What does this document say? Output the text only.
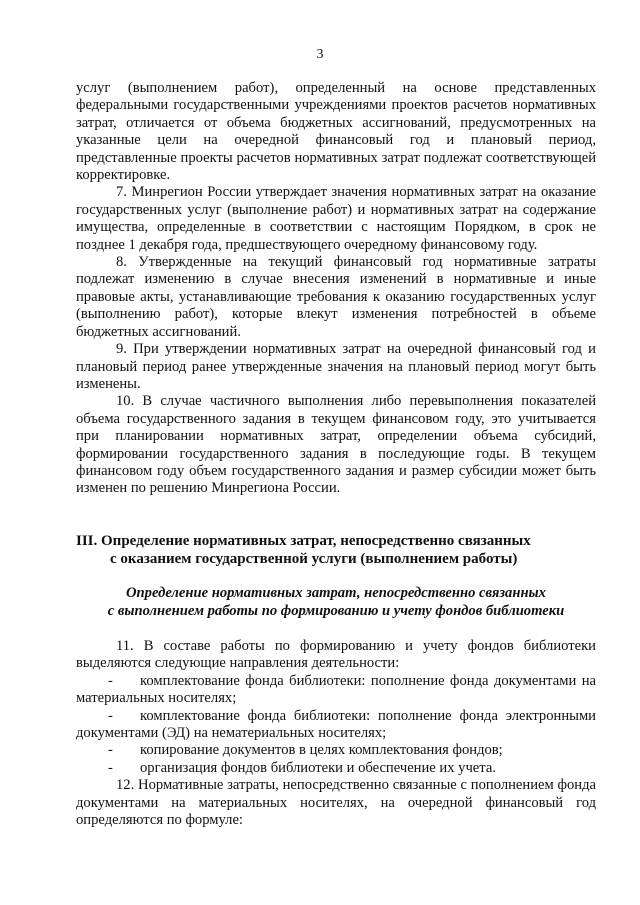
3

услуг (выполнением работ), определенный на основе представленных федеральными государственными учреждениями проектов расчетов нормативных затрат, отличается от объема бюджетных ассигнований, предусмотренных на указанные цели на очередной финансовый год и плановый период, представленные проекты расчетов нормативных затрат подлежат соответствующей корректировке.

7. Минрегион России утверждает значения нормативных затрат на оказание государственных услуг (выполнение работ) и нормативных затрат на содержание имущества, определенные в соответствии с настоящим Порядком, в срок не позднее 1 декабря года, предшествующего очередному финансовому году.

8. Утвержденные на текущий финансовый год нормативные затраты подлежат изменению в случае внесения изменений в нормативные и иные правовые акты, устанавливающие требования к оказанию государственных услуг (выполнению работ), которые влекут изменения потребностей в объеме бюджетных ассигнований.

9. При утверждении нормативных затрат на очередной финансовый год и плановый период ранее утвержденные значения на плановый период могут быть изменены.

10. В случае частичного выполнения либо перевыполнения показателей объема государственного задания в текущем финансовом году, это учитывается при планировании нормативных затрат, определении объема субсидий, формировании государственного задания в последующие годы. В текущем финансовом году объем государственного задания и размер субсидии может быть изменен по решению Минрегиона России.

III. Определение нормативных затрат, непосредственно связанных
с оказанием государственной услуги (выполнением работы)
Определение нормативных затрат, непосредственно связанных
с выполнением работы по формированию и учету фондов библиотеки

11. В составе работы по формированию и учету фондов библиотеки выделяются следующие направления деятельности:

-	комплектование фонда библиотеки: пополнение фонда документами на материальных носителях;
-	комплектование фонда библиотеки: пополнение фонда электронными документами (ЭД) на нематериальных носителях;
-	копирование документов в целях комплектования фондов;
-	организация фондов библиотеки и обеспечение их учета.

12. Нормативные затраты, непосредственно связанные с пополнением фонда документами на материальных носителях, на очередной финансовый год определяются по формуле:
